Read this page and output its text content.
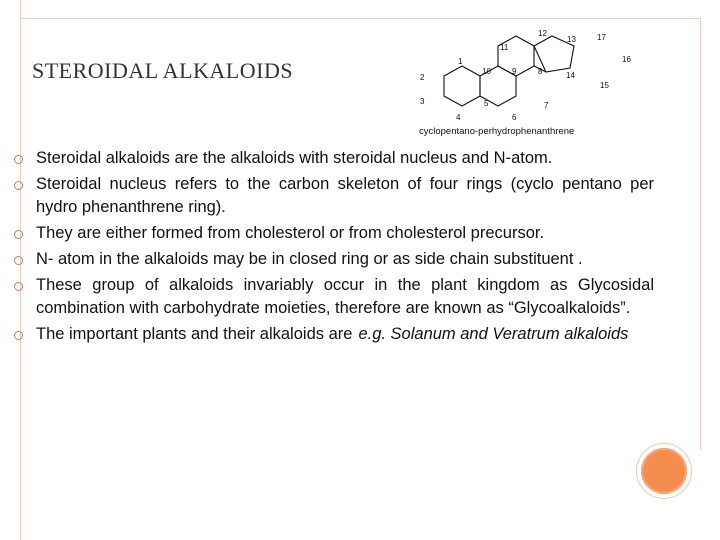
STEROIDAL ALKALOIDS	1
2
3
4
5
6
7
8
9
10
11
12
13
14
15
16
17
cyclopentano-perhydrophenanthrene
Steroidal alkaloids are the alkaloids with steroidal nucleus and N-atom.
Steroidal nucleus refers to the carbon skeleton of four rings (cyclo pentano per hydro phenanthrene ring).
They are either formed from cholesterol or from cholesterol precursor.
N- atom in the alkaloids may be in closed ring or as side chain substituent .
These group of alkaloids invariably occur in the plant kingdom as Glycosidal combination with carbohydrate moieties, therefore are known as “Glycoalkaloids”.
The important plants and their alkaloids are e.g. Solanum and Veratrum alkaloids
